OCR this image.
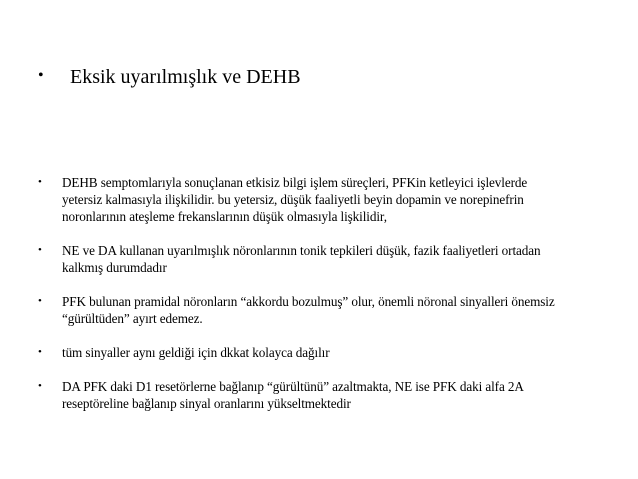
•	Eksik uyarılmışlık ve DEHB
•	DEHB semptomlarıyla sonuçlanan etkisiz bilgi işlem süreçleri, PFKin ketleyici işlevlerde
yetersiz kalmasıyla ilişkilidir. bu yetersiz, düşük faaliyetli beyin dopamin ve norepinefrin
noronlarının ateşleme frekanslarının düşük olmasıyla lişkilidir,
•	NE ve DA kullanan uyarılmışlık nöronlarının tonik tepkileri düşük, fazik faaliyetleri ortadan
kalkmış durumdadır
•	PFK bulunan pramidal nöronların “akkordu bozulmuş” olur, önemli nöronal sinyalleri önemsiz
“gürültüden” ayırt edemez.
•	tüm sinyaller aynı geldiği için dkkat kolayca dağılır
•	DA PFK daki D1 resetörlerne bağlanıp “gürültünü” azaltmakta, NE ise PFK daki alfa 2A
reseptöreline bağlanıp sinyal oranlarını yükseltmektedir
